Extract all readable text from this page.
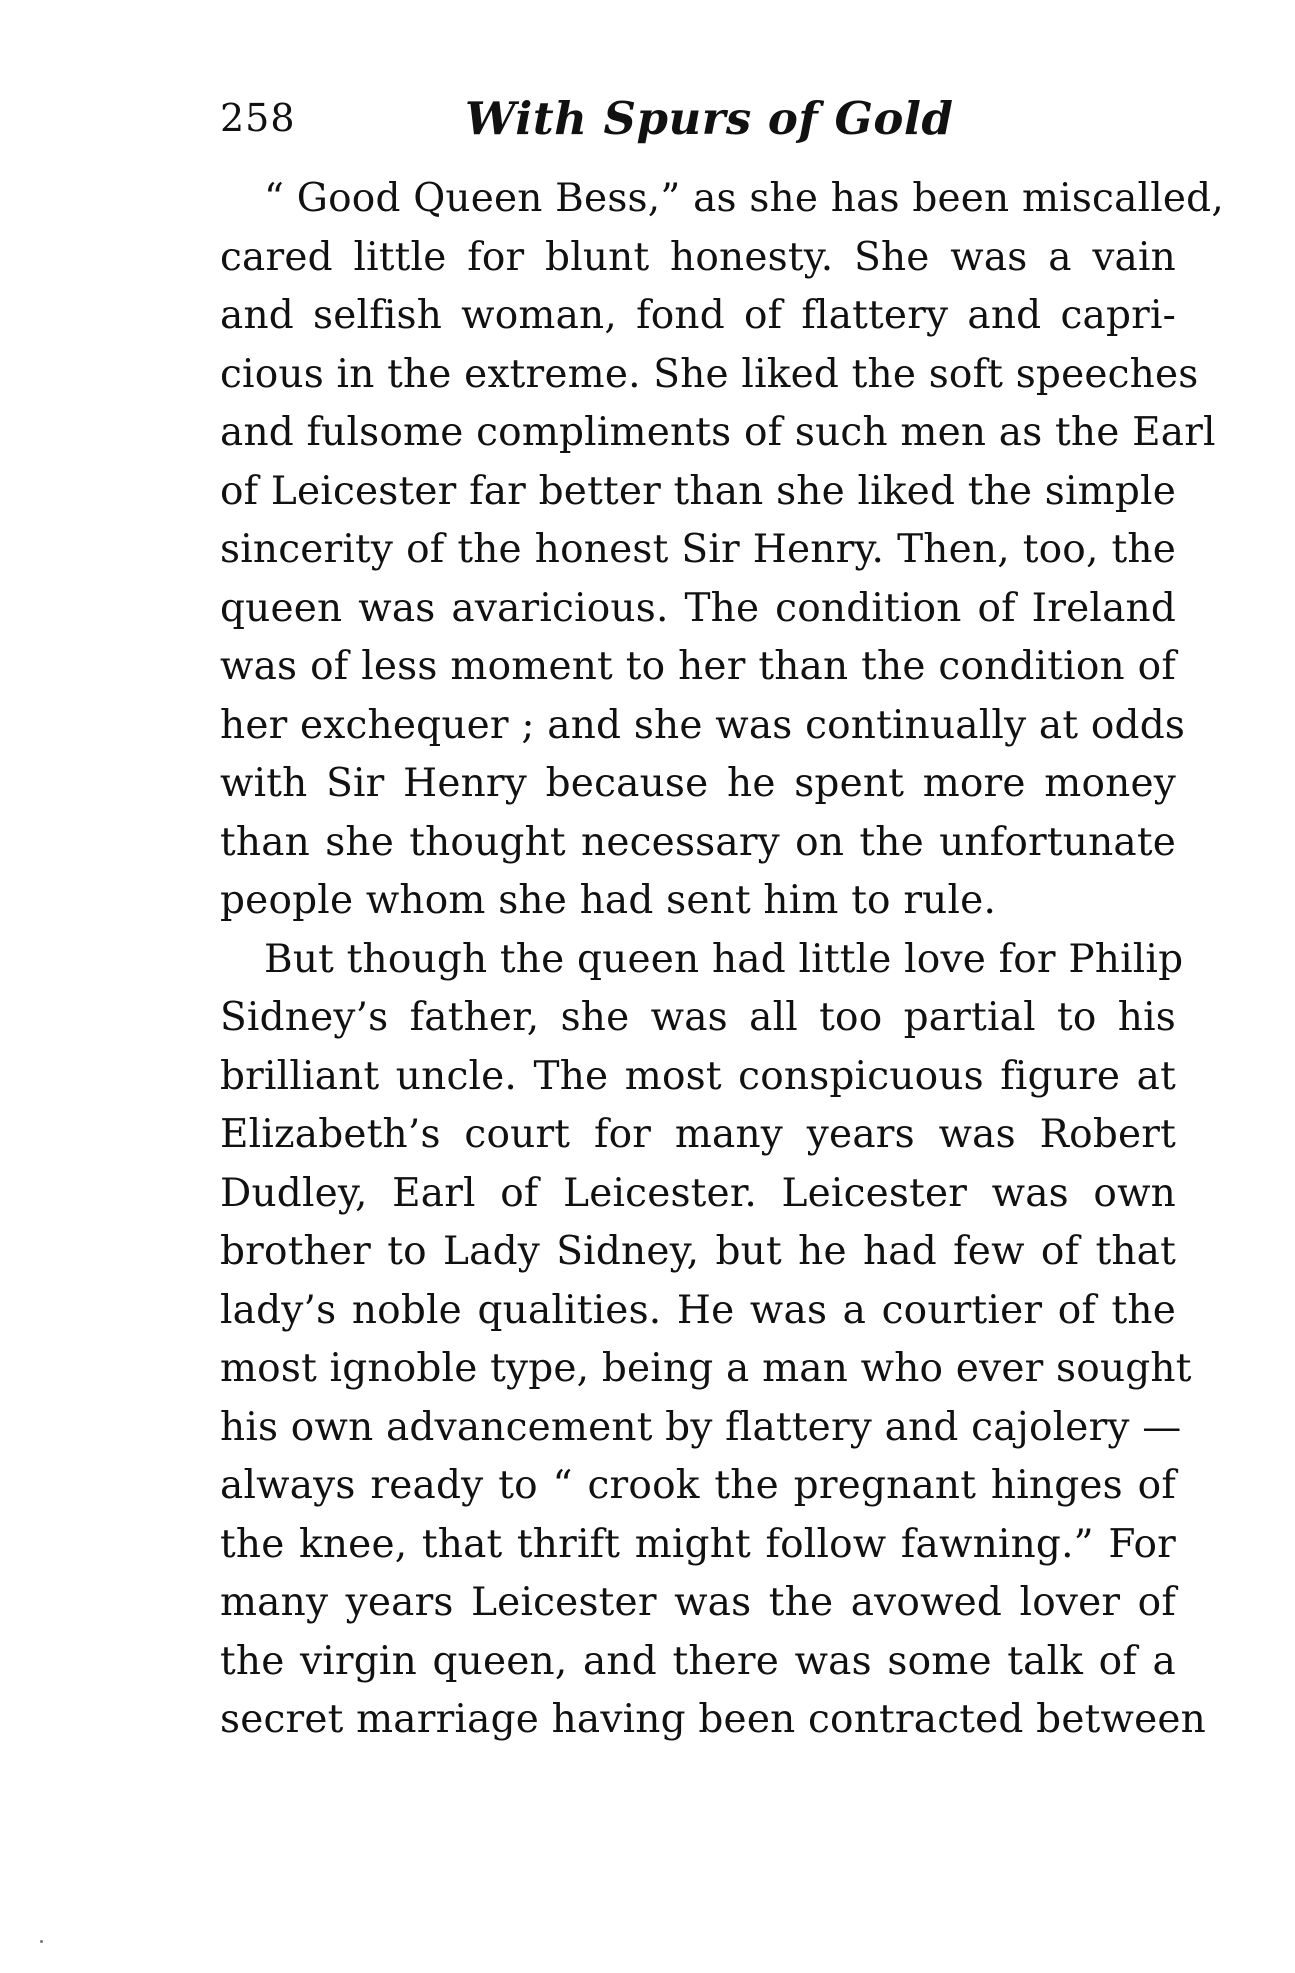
258	With Spurs of Gold
“ Good Queen Bess,” as she has been miscalled,
cared little for blunt honesty. She was a vain
and selfish woman, fond of flattery and capri-
cious in the extreme. She liked the soft speeches
and fulsome compliments of such men as the Earl
of Leicester far better than she liked the simple
sincerity of the honest Sir Henry. Then, too, the
queen was avaricious. The condition of Ireland
was of less moment to her than the condition of
her exchequer ; and she was continually at odds
with Sir Henry because he spent more money
than she thought necessary on the unfortunate
people whom she had sent him to rule.
But though the queen had little love for Philip
Sidney’s father, she was all too partial to his
brilliant uncle. The most conspicuous figure at
Elizabeth’s court for many years was Robert
Dudley, Earl of Leicester. Leicester was own
brother to Lady Sidney, but he had few of that
lady’s noble qualities. He was a courtier of the
most ignoble type, being a man who ever sought
his own advancement by flattery and cajolery —
always ready to “ crook the pregnant hinges of
the knee, that thrift might follow fawning.” For
many years Leicester was the avowed lover of
the virgin queen, and there was some talk of a
secret marriage having been contracted between
